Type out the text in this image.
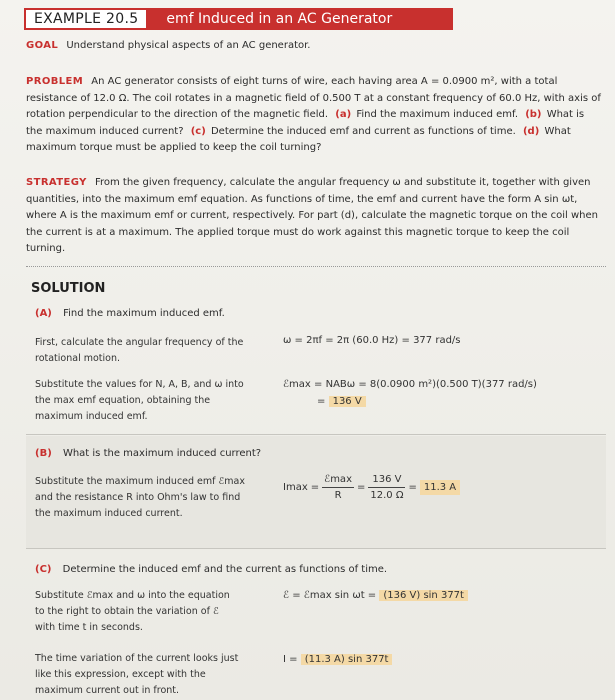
EXAMPLE 20.5	emf Induced in an AC Generator
GOAL Understand physical aspects of an AC generator.
PROBLEM An AC generator consists of eight turns of wire, each having area A = 0.0900 m², with a total resistance of 12.0 Ω. The coil rotates in a magnetic field of 0.500 T at a constant frequency of 60.0 Hz, with axis of rotation perpendicular to the direction of the magnetic field. (a) Find the maximum induced emf. (b) What is the maximum induced current? (c) Determine the induced emf and current as functions of time. (d) What maximum torque must be applied to keep the coil turning?
STRATEGY From the given frequency, calculate the angular frequency ω and substitute it, together with given quantities, into the maximum emf equation. As functions of time, the emf and current have the form A sin ωt, where A is the maximum emf or current, respectively. For part (d), calculate the magnetic torque on the coil when the current is at a maximum. The applied torque must do work against this magnetic torque to keep the coil turning.
SOLUTION
(A) Find the maximum induced emf.
First, calculate the angular frequency of the rotational motion.
ω = 2πf = 2π (60.0 Hz) = 377 rad/s
Substitute the values for N, A, B, and ω into the max emf equation, obtaining the maximum induced emf.
ℰmax = NABω = 8(0.0900 m²)(0.500 T)(377 rad/s)
= 136 V
(B) What is the maximum induced current?
Substitute the maximum induced emf ℰmax and the resistance R into Ohm's law to find the maximum induced current.
$Imax = \frac{\text{ℰmax}}{R} = \frac{136 V}{12.0 \Omega} = 11.3$ A
(C) Determine the induced emf and the current as functions of time.
Substitute ℰmax and ω into the equation to the right to obtain the variation of ℰ with time t in seconds.
ℰ = ℰmax sin ωt = (136 V) sin 377t
The time variation of the current looks just like this expression, except with the maximum current out in front.
I = (11.3 A) sin 377t
